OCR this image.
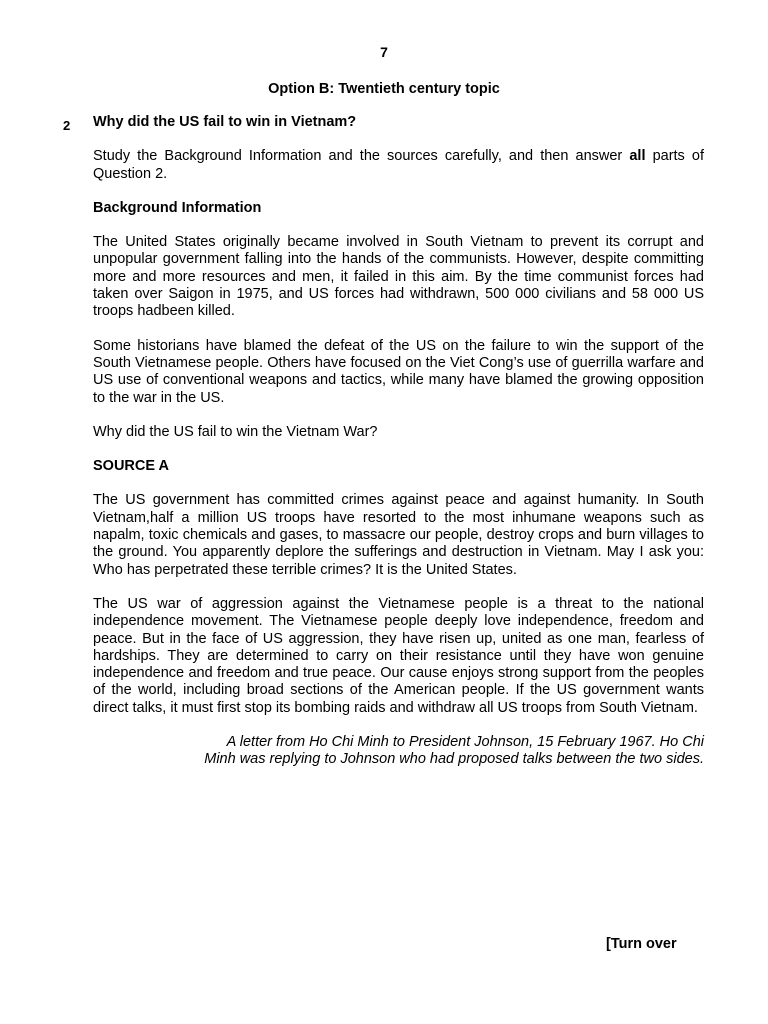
7
Option B: Twentieth century topic
2 Why did the US fail to win in Vietnam?

Study the Background Information and the sources carefully, and then answer all parts of Question 2.

Background Information

The United States originally became involved in South Vietnam to prevent its corrupt and unpopular government falling into the hands of the communists. However, despite committing more and more resources and men, it failed in this aim. By the time communist forces had taken over Saigon in 1975, and US forces had withdrawn, 500 000 civilians and 58 000 US troops hadbeen killed.

Some historians have blamed the defeat of the US on the failure to win the support of the South Vietnamese people. Others have focused on the Viet Cong’s use of guerrilla warfare and US use of conventional weapons and tactics, while many have blamed the growing opposition to the war in the US.

Why did the US fail to win the Vietnam War?

SOURCE A

The US government has committed crimes against peace and against humanity. In South Vietnam,half a million US troops have resorted to the most inhumane weapons such as napalm, toxic chemicals and gases, to massacre our people, destroy crops and burn villages to the ground. You apparently deplore the sufferings and destruction in Vietnam. May I ask you: Who has perpetrated these terrible crimes? It is the United States.

The US war of aggression against the Vietnamese people is a threat to the national independence movement. The Vietnamese people deeply love independence, freedom and peace. But in the face of US aggression, they have risen up, united as one man, fearless of hardships. They are determined to carry on their resistance until they have won genuine independence and freedom and true peace. Our cause enjoys strong support from the peoples of the world, including broad sections of the American people. If the US government wants direct talks, it must first stop its bombing raids and withdraw all US troops from South Vietnam.

A letter from Ho Chi Minh to President Johnson, 15 February 1967. Ho Chi Minh was replying to Johnson who had proposed talks between the two sides.

[Turn over
